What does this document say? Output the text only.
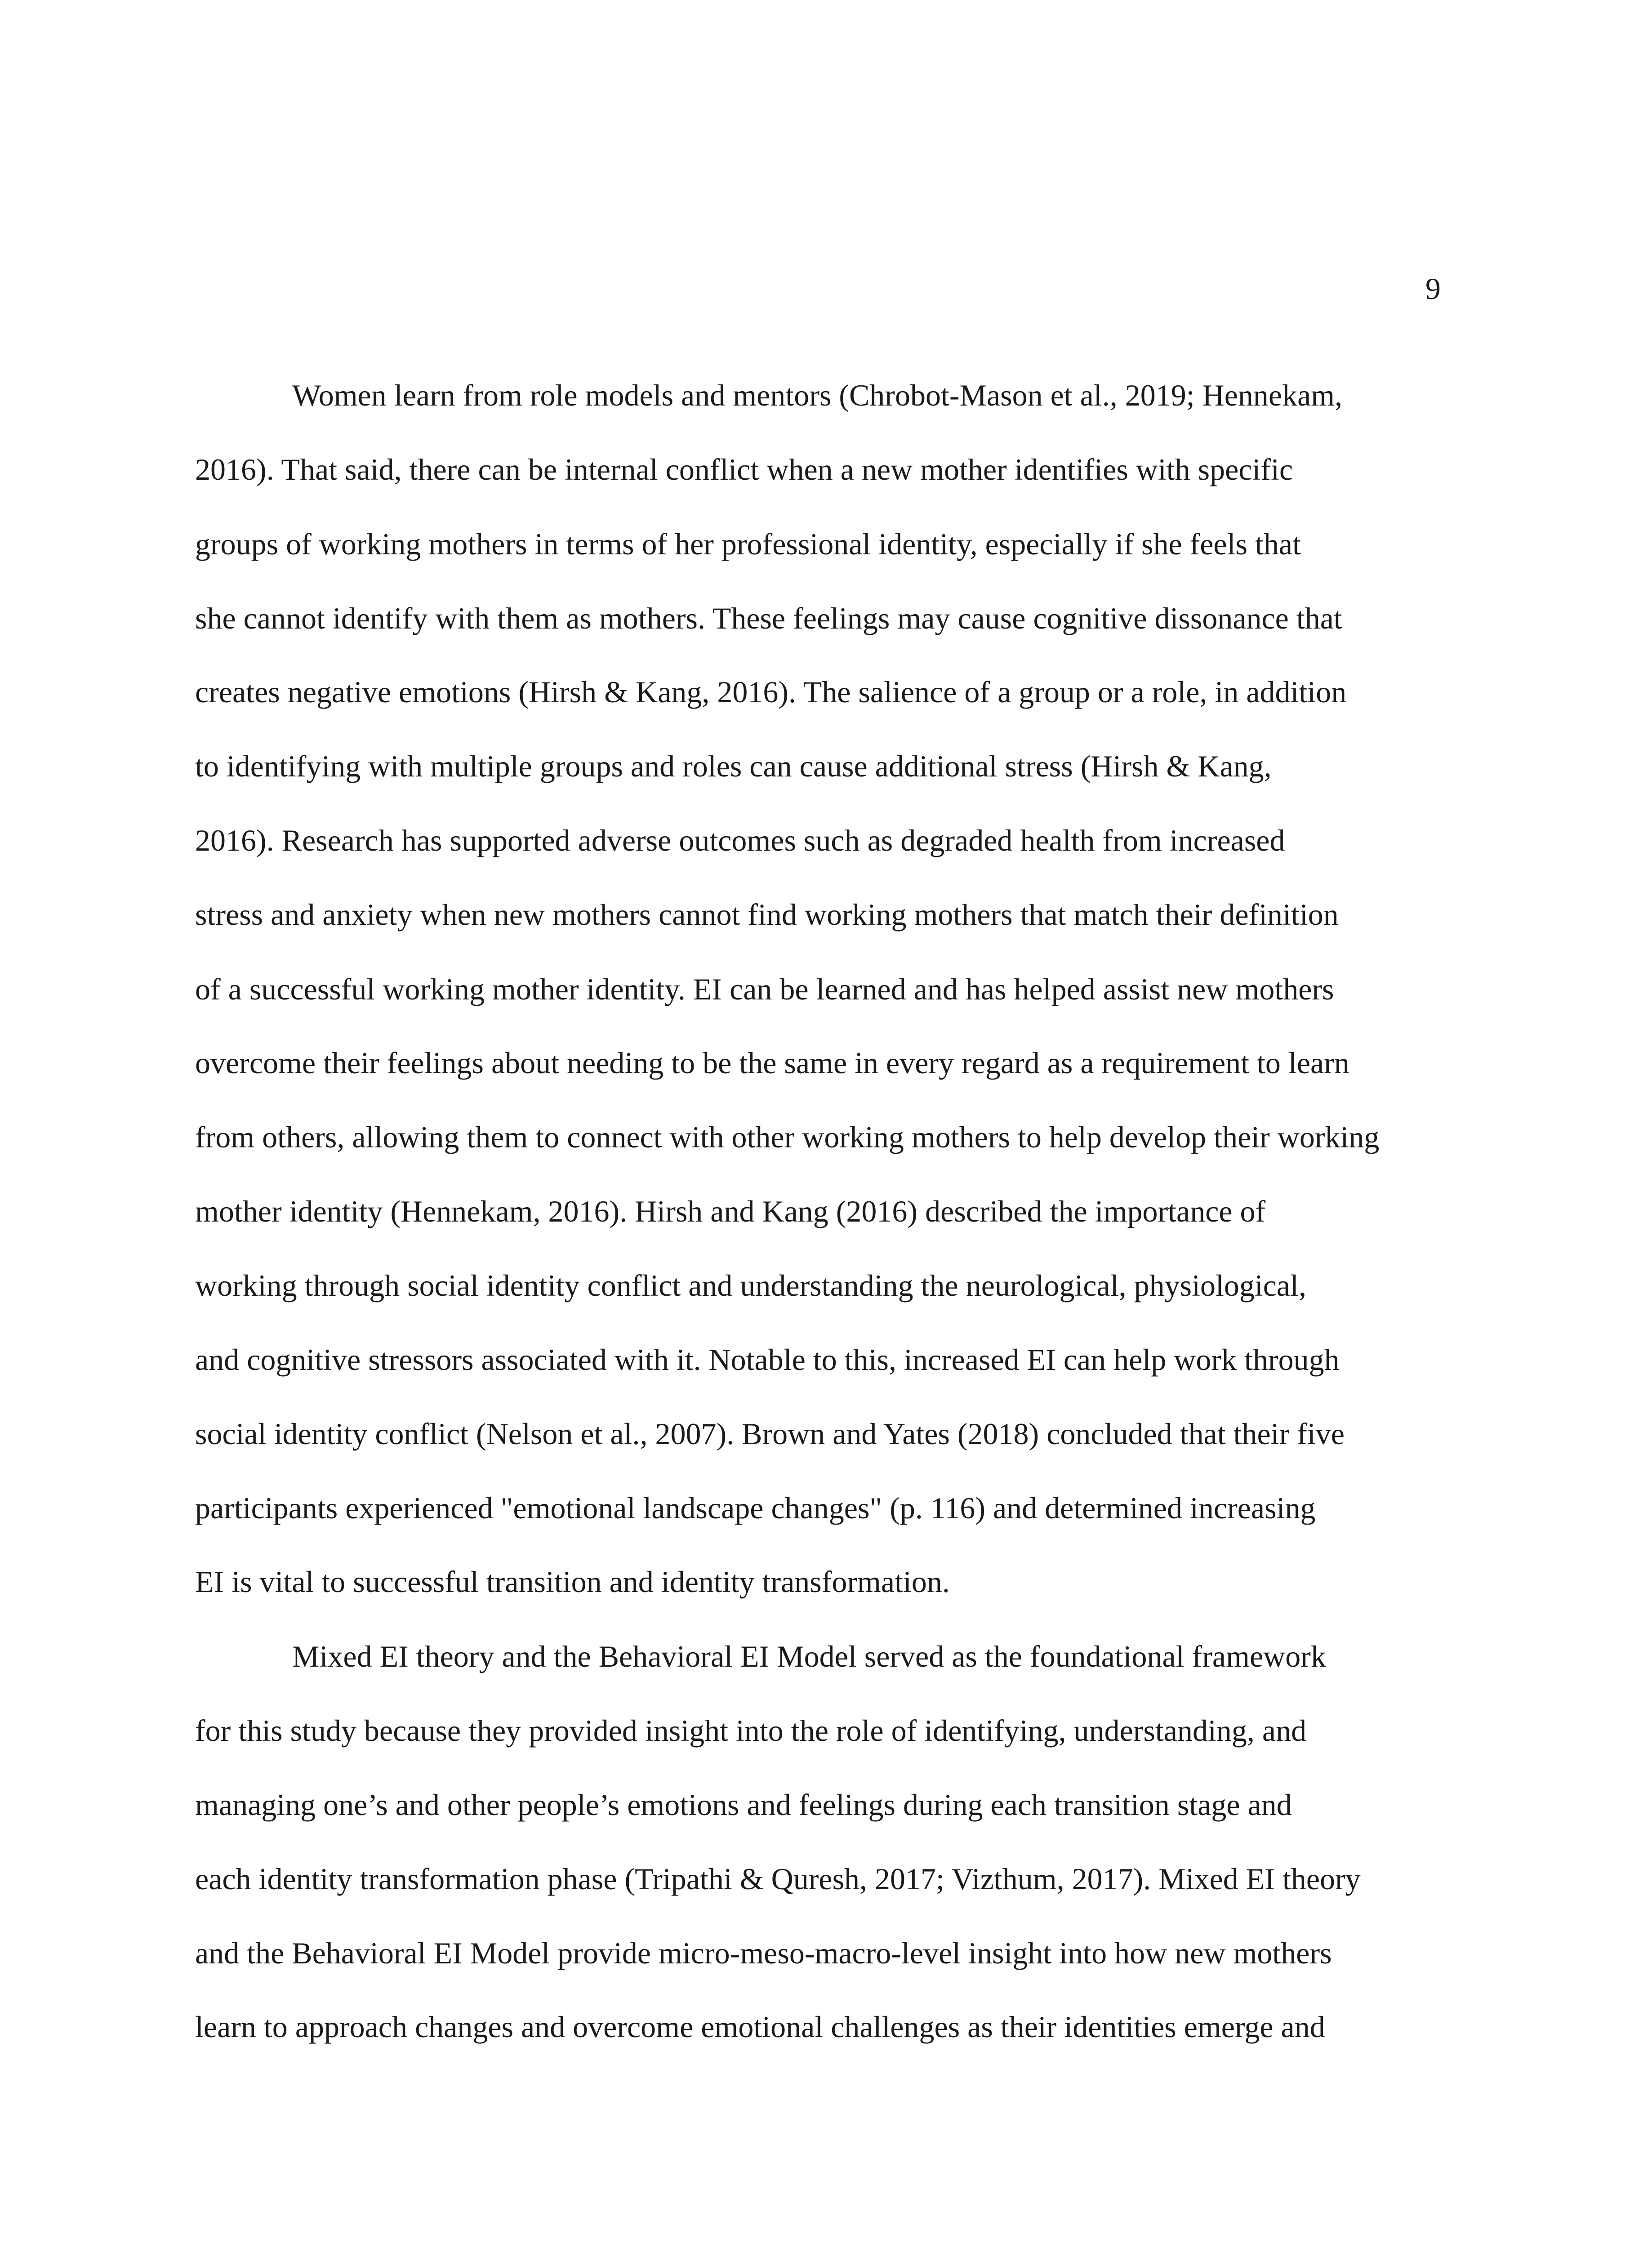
9
Women learn from role models and mentors (Chrobot-Mason et al., 2019; Hennekam,
2016). That said, there can be internal conflict when a new mother identifies with specific
groups of working mothers in terms of her professional identity, especially if she feels that
she cannot identify with them as mothers. These feelings may cause cognitive dissonance that
creates negative emotions (Hirsh & Kang, 2016). The salience of a group or a role, in addition
to identifying with multiple groups and roles can cause additional stress (Hirsh & Kang,
2016). Research has supported adverse outcomes such as degraded health from increased
stress and anxiety when new mothers cannot find working mothers that match their definition
of a successful working mother identity. EI can be learned and has helped assist new mothers
overcome their feelings about needing to be the same in every regard as a requirement to learn
from others, allowing them to connect with other working mothers to help develop their working
mother identity (Hennekam, 2016). Hirsh and Kang (2016) described the importance of
working through social identity conflict and understanding the neurological, physiological,
and cognitive stressors associated with it. Notable to this, increased EI can help work through
social identity conflict (Nelson et al., 2007). Brown and Yates (2018) concluded that their five
participants experienced "emotional landscape changes" (p. 116) and determined increasing
EI is vital to successful transition and identity transformation.
Mixed EI theory and the Behavioral EI Model served as the foundational framework
for this study because they provided insight into the role of identifying, understanding, and
managing one’s and other people’s emotions and feelings during each transition stage and
each identity transformation phase (Tripathi & Quresh, 2017; Vizthum, 2017). Mixed EI theory
and the Behavioral EI Model provide micro-meso-macro-level insight into how new mothers
learn to approach changes and overcome emotional challenges as their identities emerge and
